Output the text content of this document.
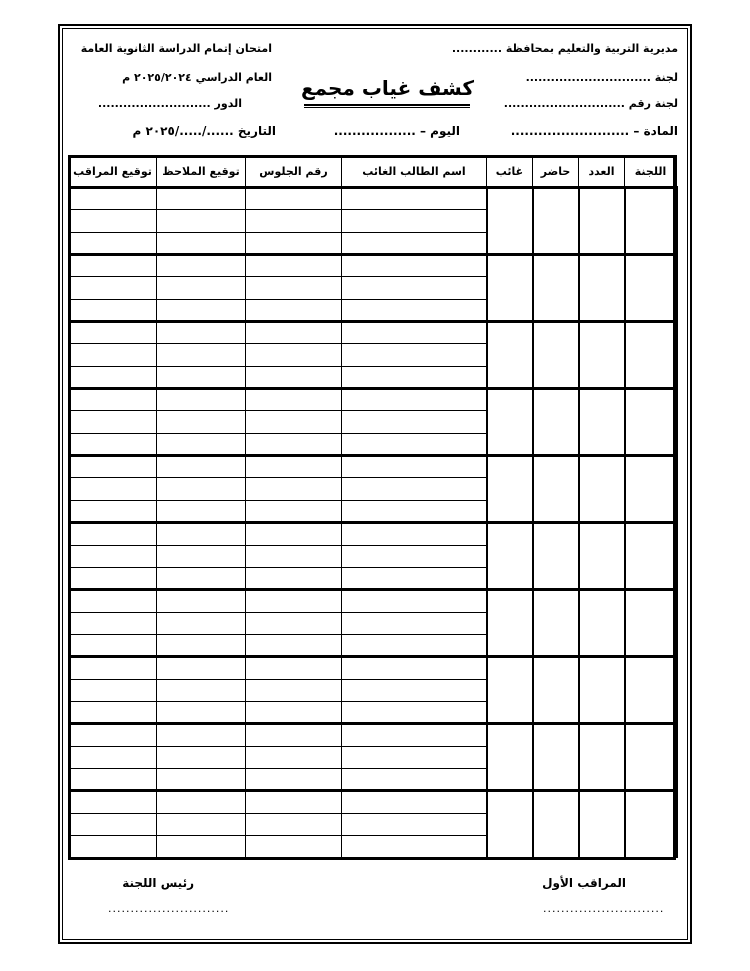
مديرية التربية والتعليم بمحافظة ............
لجنة ..............................
لجنة رقم .............................
المادة – ..........................
امتحان إتمام الدراسة الثانوية العامة
العام الدراسي ٢٠٢٥/٢٠٢٤ م
الدور ...........................
اليوم – ..................
التاريخ ....../...../٢٠٢٥ م
كشف غياب مجمع
اللجنة	العدد	حاضر	غائب	اسم الطالب الغائب	رقم الجلوس	توقيع الملاحظ	توقيع المراقب

المراقب الأول
...........................
رئيس اللجنة
...........................
